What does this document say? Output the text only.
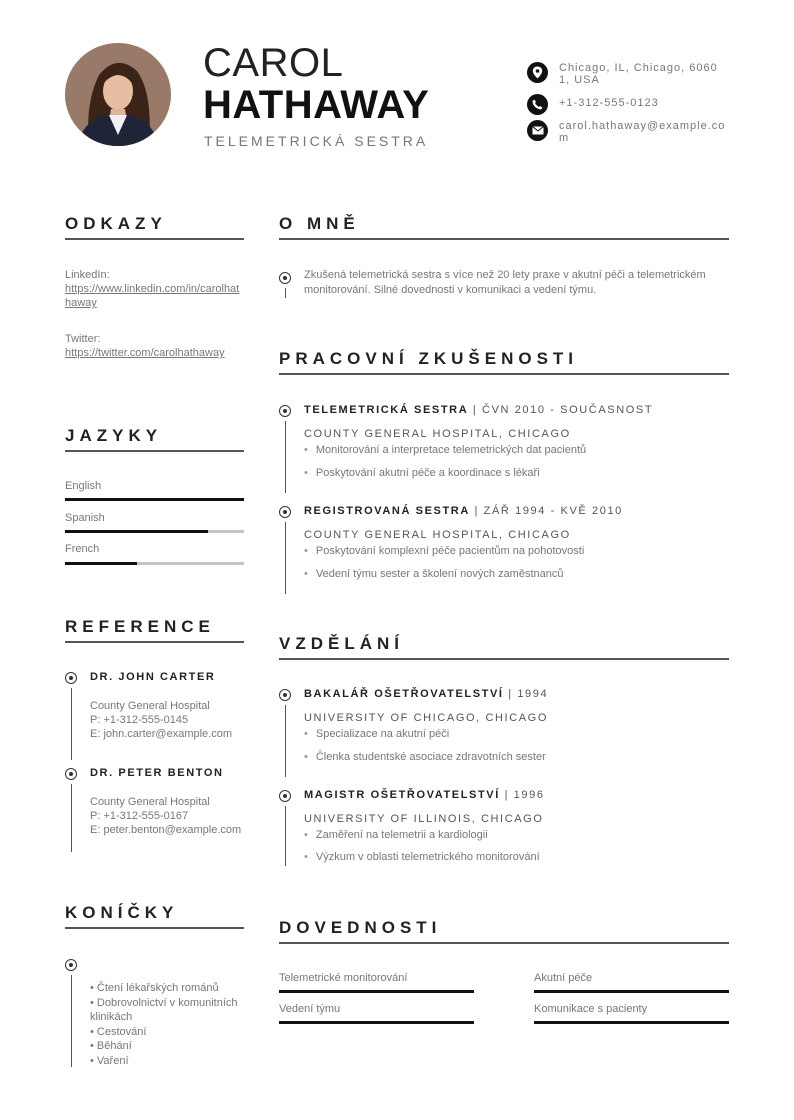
CAROL
HATHAWAY
TELEMETRICKÁ SESTRA
Chicago, IL, Chicago, 60601, USA
+1-312-555-0123
carol.hathaway@example.com
ODKAZY
LinkedIn:
https://www.linkedin.com/in/carolhathaway
Twitter:
https://twitter.com/carolhathaway
JAZYKY
English
Spanish
French
REFERENCE
DR. JOHN CARTER
County General Hospital
P: +1-312-555-0145
E: john.carter@example.com
DR. PETER BENTON
County General Hospital
P: +1-312-555-0167
E: peter.benton@example.com
KONÍČKY
• Čtení lékařských románů
• Dobrovolnictví v komunitních klinikách
• Cestování
• Běhání
• Vaření
O MNĚ
Zkušená telemetrická sestra s více než 20 lety praxe v akutní péči a telemetrickém monitorování. Silné dovednosti v komunikaci a vedení týmu.
PRACOVNÍ ZKUŠENOSTI
TELEMETRICKÁ SESTRA | ČVN 2010 - SOUČASNOST
COUNTY GENERAL HOSPITAL, CHICAGO
• Monitorování a interpretace telemetrických dat pacientů
• Poskytování akutní péče a koordinace s lékaři
REGISTROVANÁ SESTRA | ZÁŘ 1994 - KVĚ 2010
COUNTY GENERAL HOSPITAL, CHICAGO
• Poskytování komplexní péče pacientům na pohotovosti
• Vedení týmu sester a školení nových zaměstnanců
VZDĚLÁNÍ
BAKALÁŘ OŠETŘOVATELSTVÍ | 1994
UNIVERSITY OF CHICAGO, CHICAGO
• Specializace na akutní péči
• Členka studentské asociace zdravotních sester
MAGISTR OŠETŘOVATELSTVÍ | 1996
UNIVERSITY OF ILLINOIS, CHICAGO
• Zaměření na telemetrii a kardiologii
• Výzkum v oblasti telemetrického monitorování
DOVEDNOSTI
Telemetrické monitorování	Akutní péče
Vedení týmu	Komunikace s pacienty
